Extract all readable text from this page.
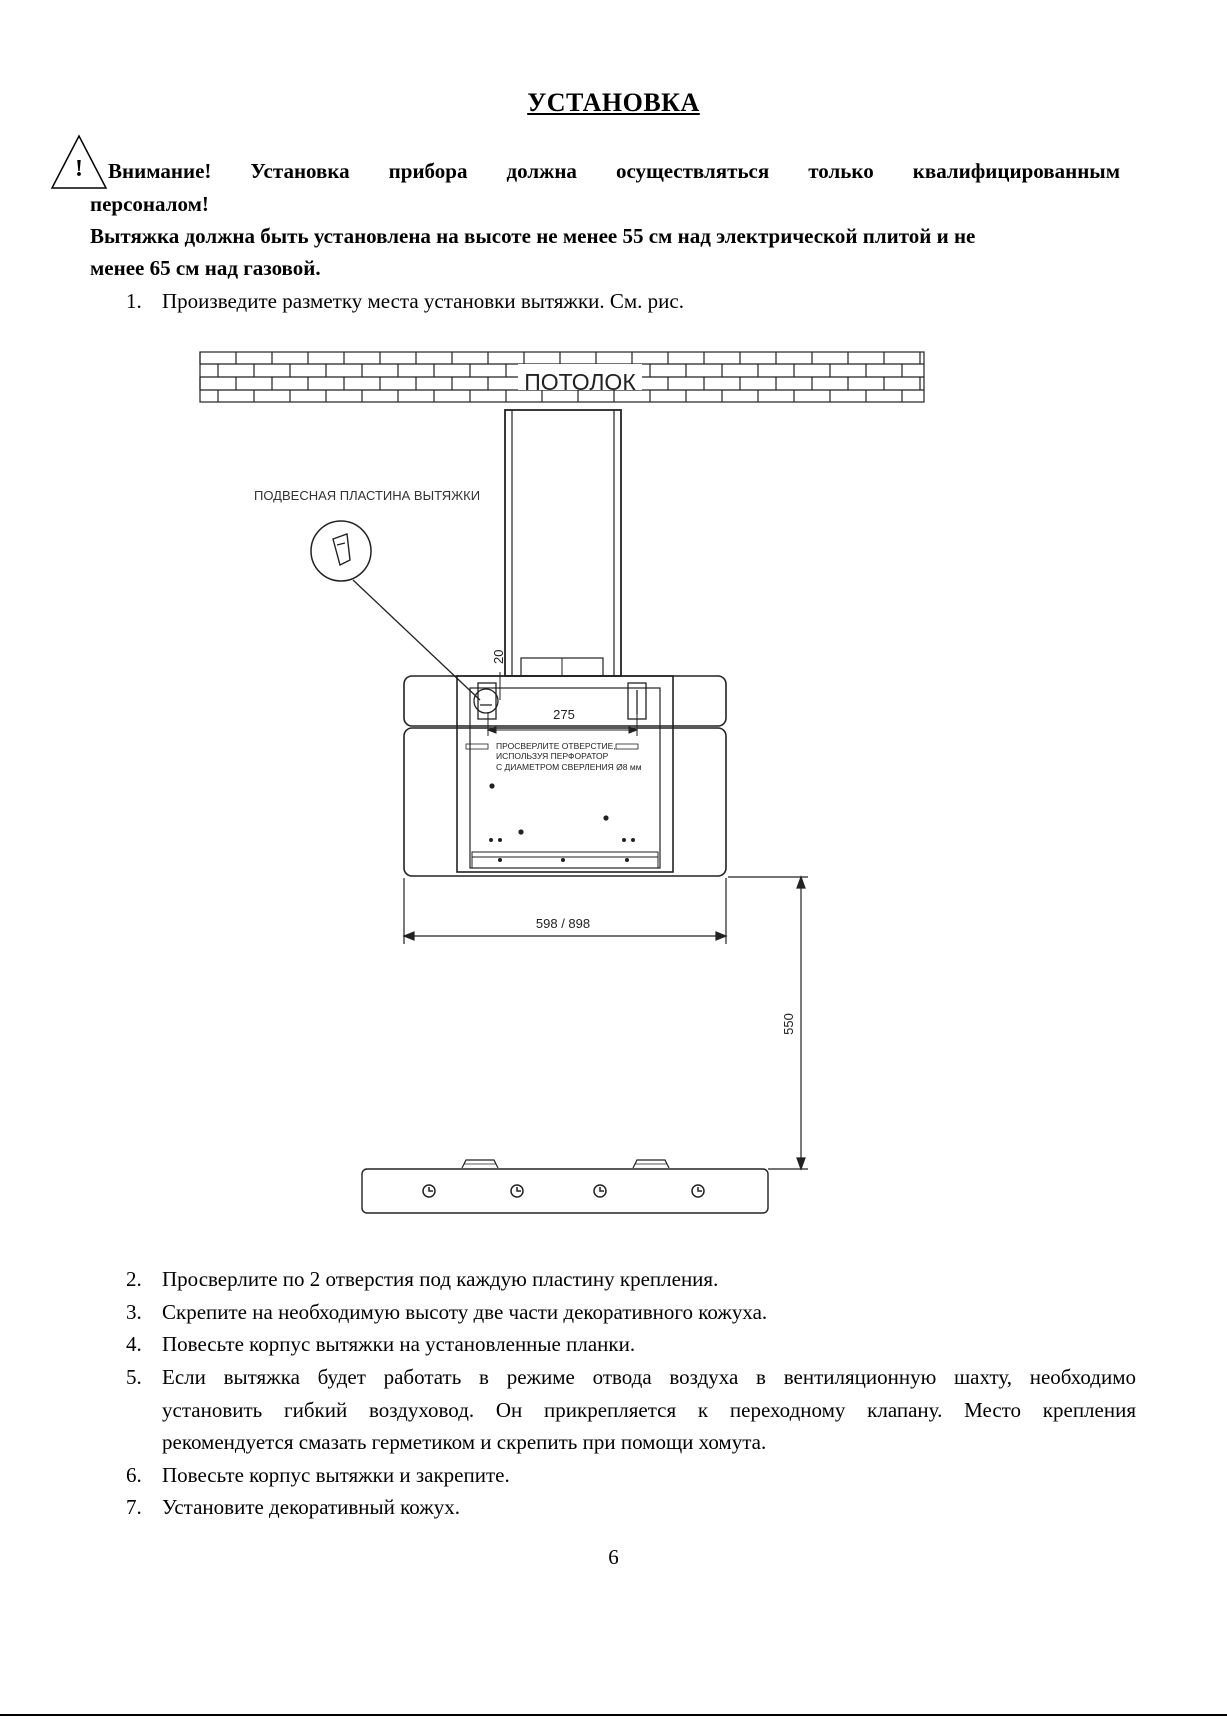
УСТАНОВКА
! Внимание! Установка прибора должна осуществляться только квалифицированным
персоналом!
Вытяжка должна быть установлена на высоте не менее 55 см над электрической плитой и не
менее 65 см над газовой.
1. Произведите разметку места установки вытяжки. См. рис.
ПОТОЛОК
ПОДВЕСНАЯ ПЛАСТИНА ВЫТЯЖКИ
20
275
ПРОСВЕРЛИТЕ ОТВЕРСТИЕ,
ИСПОЛЬЗУЯ ПЕРФОРАТОР
С ДИАМЕТРОМ СВЕРЛЕНИЯ Ø8 мм
598 / 898
550
2. Просверлите по 2 отверстия под каждую пластину крепления.
3. Скрепите на необходимую высоту две части декоративного кожуха.
4. Повесьте корпус вытяжки на установленные планки.
5. Если вытяжка будет работать в режиме отвода воздуха в вентиляционную шахту, необходимо
установить гибкий воздуховод. Он прикрепляется к переходному клапану. Место крепления
рекомендуется смазать герметиком и скрепить при помощи хомута.
6. Повесьте корпус вытяжки и закрепите.
7. Установите декоративный кожух.
6
